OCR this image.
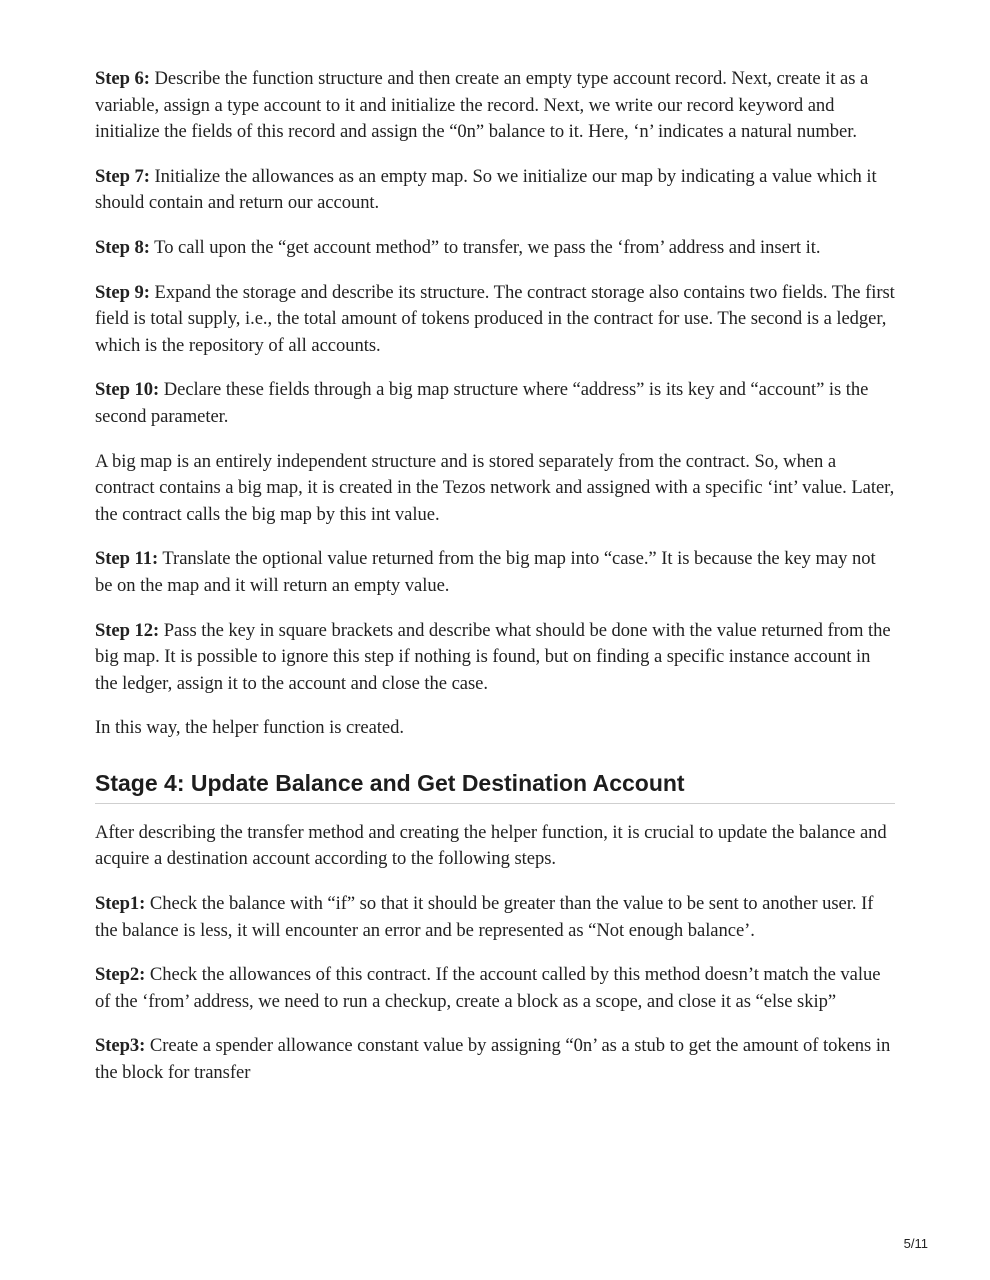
Step 6: Describe the function structure and then create an empty type account record. Next, create it as a variable, assign a type account to it and initialize the record. Next, we write our record keyword and initialize the fields of this record and assign the “0n” balance to it. Here, ‘n’ indicates a natural number.

Step 7: Initialize the allowances as an empty map. So we initialize our map by indicating a value which it should contain and return our account.

Step 8: To call upon the “get account method” to transfer, we pass the ‘from’ address and insert it.

Step 9: Expand the storage and describe its structure. The contract storage also contains two fields. The first field is total supply, i.e., the total amount of tokens produced in the contract for use. The second is a ledger, which is the repository of all accounts.

Step 10: Declare these fields through a big map structure where “address” is its key and “account” is the second parameter.

A big map is an entirely independent structure and is stored separately from the contract. So, when a contract contains a big map, it is created in the Tezos network and assigned with a specific ‘int’ value. Later, the contract calls the big map by this int value.

Step 11: Translate the optional value returned from the big map into “case.” It is because the key may not be on the map and it will return an empty value.

Step 12: Pass the key in square brackets and describe what should be done with the value returned from the big map. It is possible to ignore this step if nothing is found, but on finding a specific instance account in the ledger, assign it to the account and close the case.

In this way, the helper function is created.

Stage 4: Update Balance and Get Destination Account

After describing the transfer method and creating the helper function, it is crucial to update the balance and acquire a destination account according to the following steps.

Step1: Check the balance with “if” so that it should be greater than the value to be sent to another user. If the balance is less, it will encounter an error and be represented as “Not enough balance’.

Step2: Check the allowances of this contract. If the account called by this method doesn’t match the value of the ‘from’ address, we need to run a checkup, create a block as a scope, and close it as “else skip”

Step3: Create a spender allowance constant value by assigning “0n’ as a stub to get the amount of tokens in the block for transfer

5/11
